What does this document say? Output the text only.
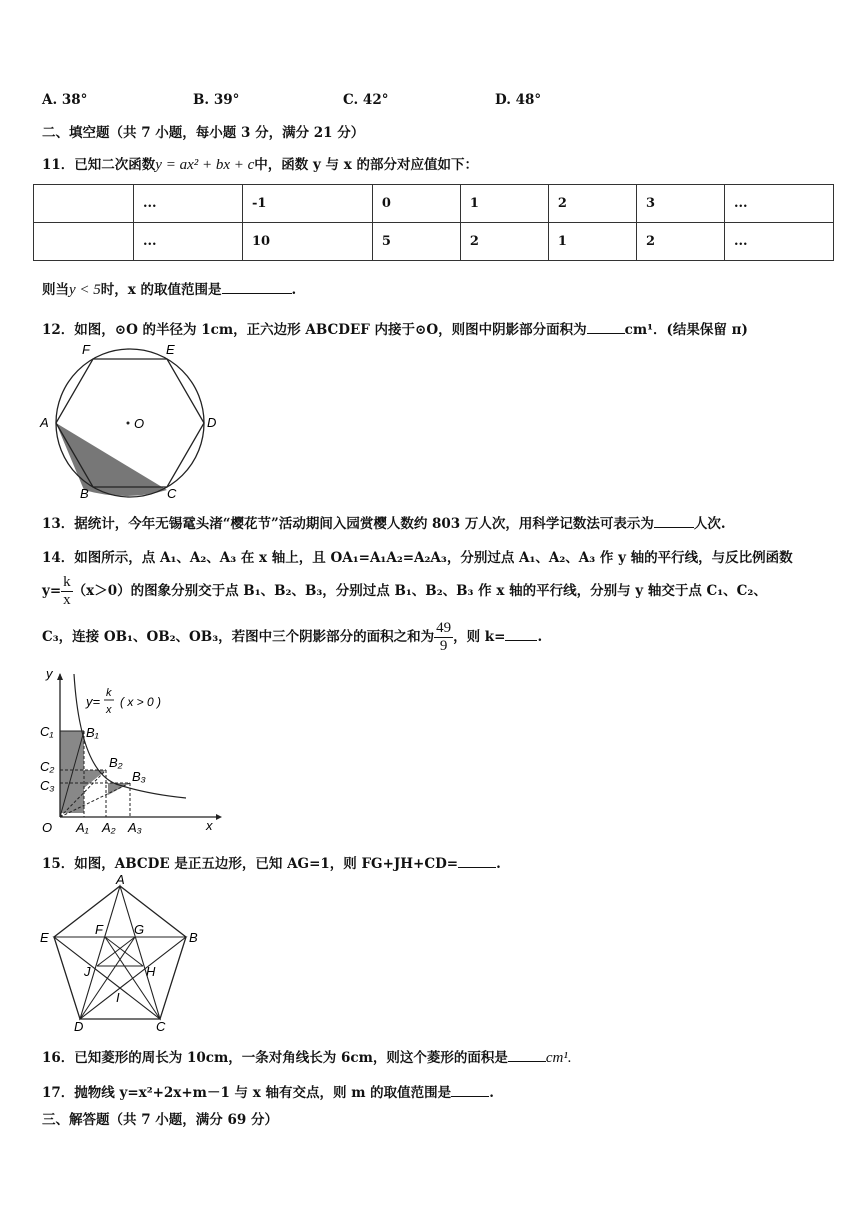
A. 38°	B. 39°	C. 42°	D. 48°
二、填空题（共 7 小题，每小题 3 分，满分 21 分）
11．已知二次函数y = ax² + bx + c中，函数 y 与 x 的部分对应值如下：
	...	-1	0	1	2	3	...
	...	10	5	2	1	2	...
则当y < 5时，x 的取值范围是	.
12．如图，⊙O 的半径为 1cm，正六边形 ABCDEF 内接于⊙O，则图中阴影部分面积为	cm¹．(结果保留 π)
F	E
A	D
O
B	C
13．据统计，今年无锡鼋头渚“樱花节”活动期间入园赏樱人数约 803 万人次，用科学记数法可表示为	人次.
14．如图所示，点 A₁、A₂、A₃ 在 x 轴上，且 OA₁=A₁A₂=A₂A₃，分别过点 A₁、A₂、A₃ 作 y 轴的平行线，与反比例函数
$y= \frac{k}{x} (x>0)$的图象分别交于点 B₁、B₂、B₃，分别过点 B₁、B₂、B₃ 作 x 轴的平行线，分别与 y 轴交于点 C₁、C₂、
C₃，连接 OB₁、OB₂、OB₃，若图中三个阴影部分的面积之和为 $\frac{49}{9}$ ，则 k= .
y
x
O
y=
k
x
( x > 0 )
C₁
C₂
C₃
B₁
B₂
B₃
A₁ A₂ A₃
15．如图，ABCDE 是正五边形，已知 AG=1，则 FG+JH+CD=	.
A
B
C
D
E
F G
H
I
J
16．已知菱形的周长为 10cm，一条对角线长为 6cm，则这个菱形的面积是	cm¹.
17．抛物线 y=x²+2x+m－1 与 x 轴有交点，则 m 的取值范围是	.
三、解答题（共 7 小题，满分 69 分）
